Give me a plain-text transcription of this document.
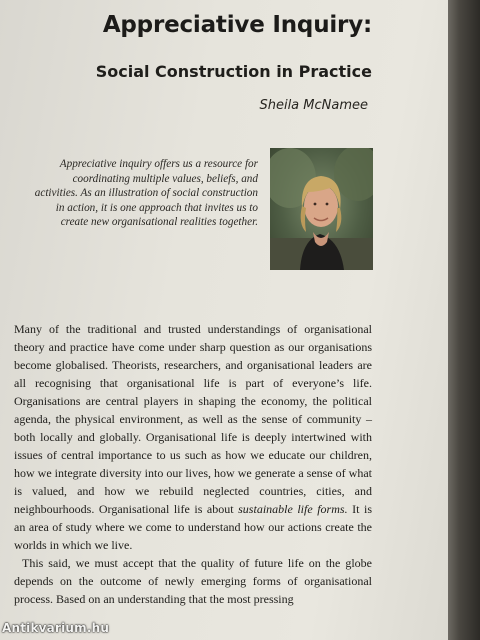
Appreciative Inquiry:
Social Construction in Practice
Sheila McNamee
Appreciative inquiry offers us a resource for coordinating multiple values, beliefs, and activities. As an illustration of social construction in action, it is one approach that invites us to create new organisational realities together.

Many of the traditional and trusted understandings of organisational theory and practice have come under sharp question as our organisations become globalised. Theorists, researchers, and organisational leaders are all recognising that organisational life is part of everyone’s life. Organisations are central players in shaping the economy, the political agenda, the physical environment, as well as the sense of community – both locally and globally. Organisational life is deeply intertwined with issues of central importance to us such as how we educate our children, how we integrate diversity into our lives, how we generate a sense of what is valued, and how we rebuild neglected countries, cities, and neighbourhoods. Organisational life is about sustainable life forms. It is an area of study where we come to understand how our actions create the worlds in which we live.

This said, we must accept that the quality of future life on the globe depends on the outcome of newly emerging forms of organisational process. Based on an understanding that the most pressing

Antikvarium.hu
